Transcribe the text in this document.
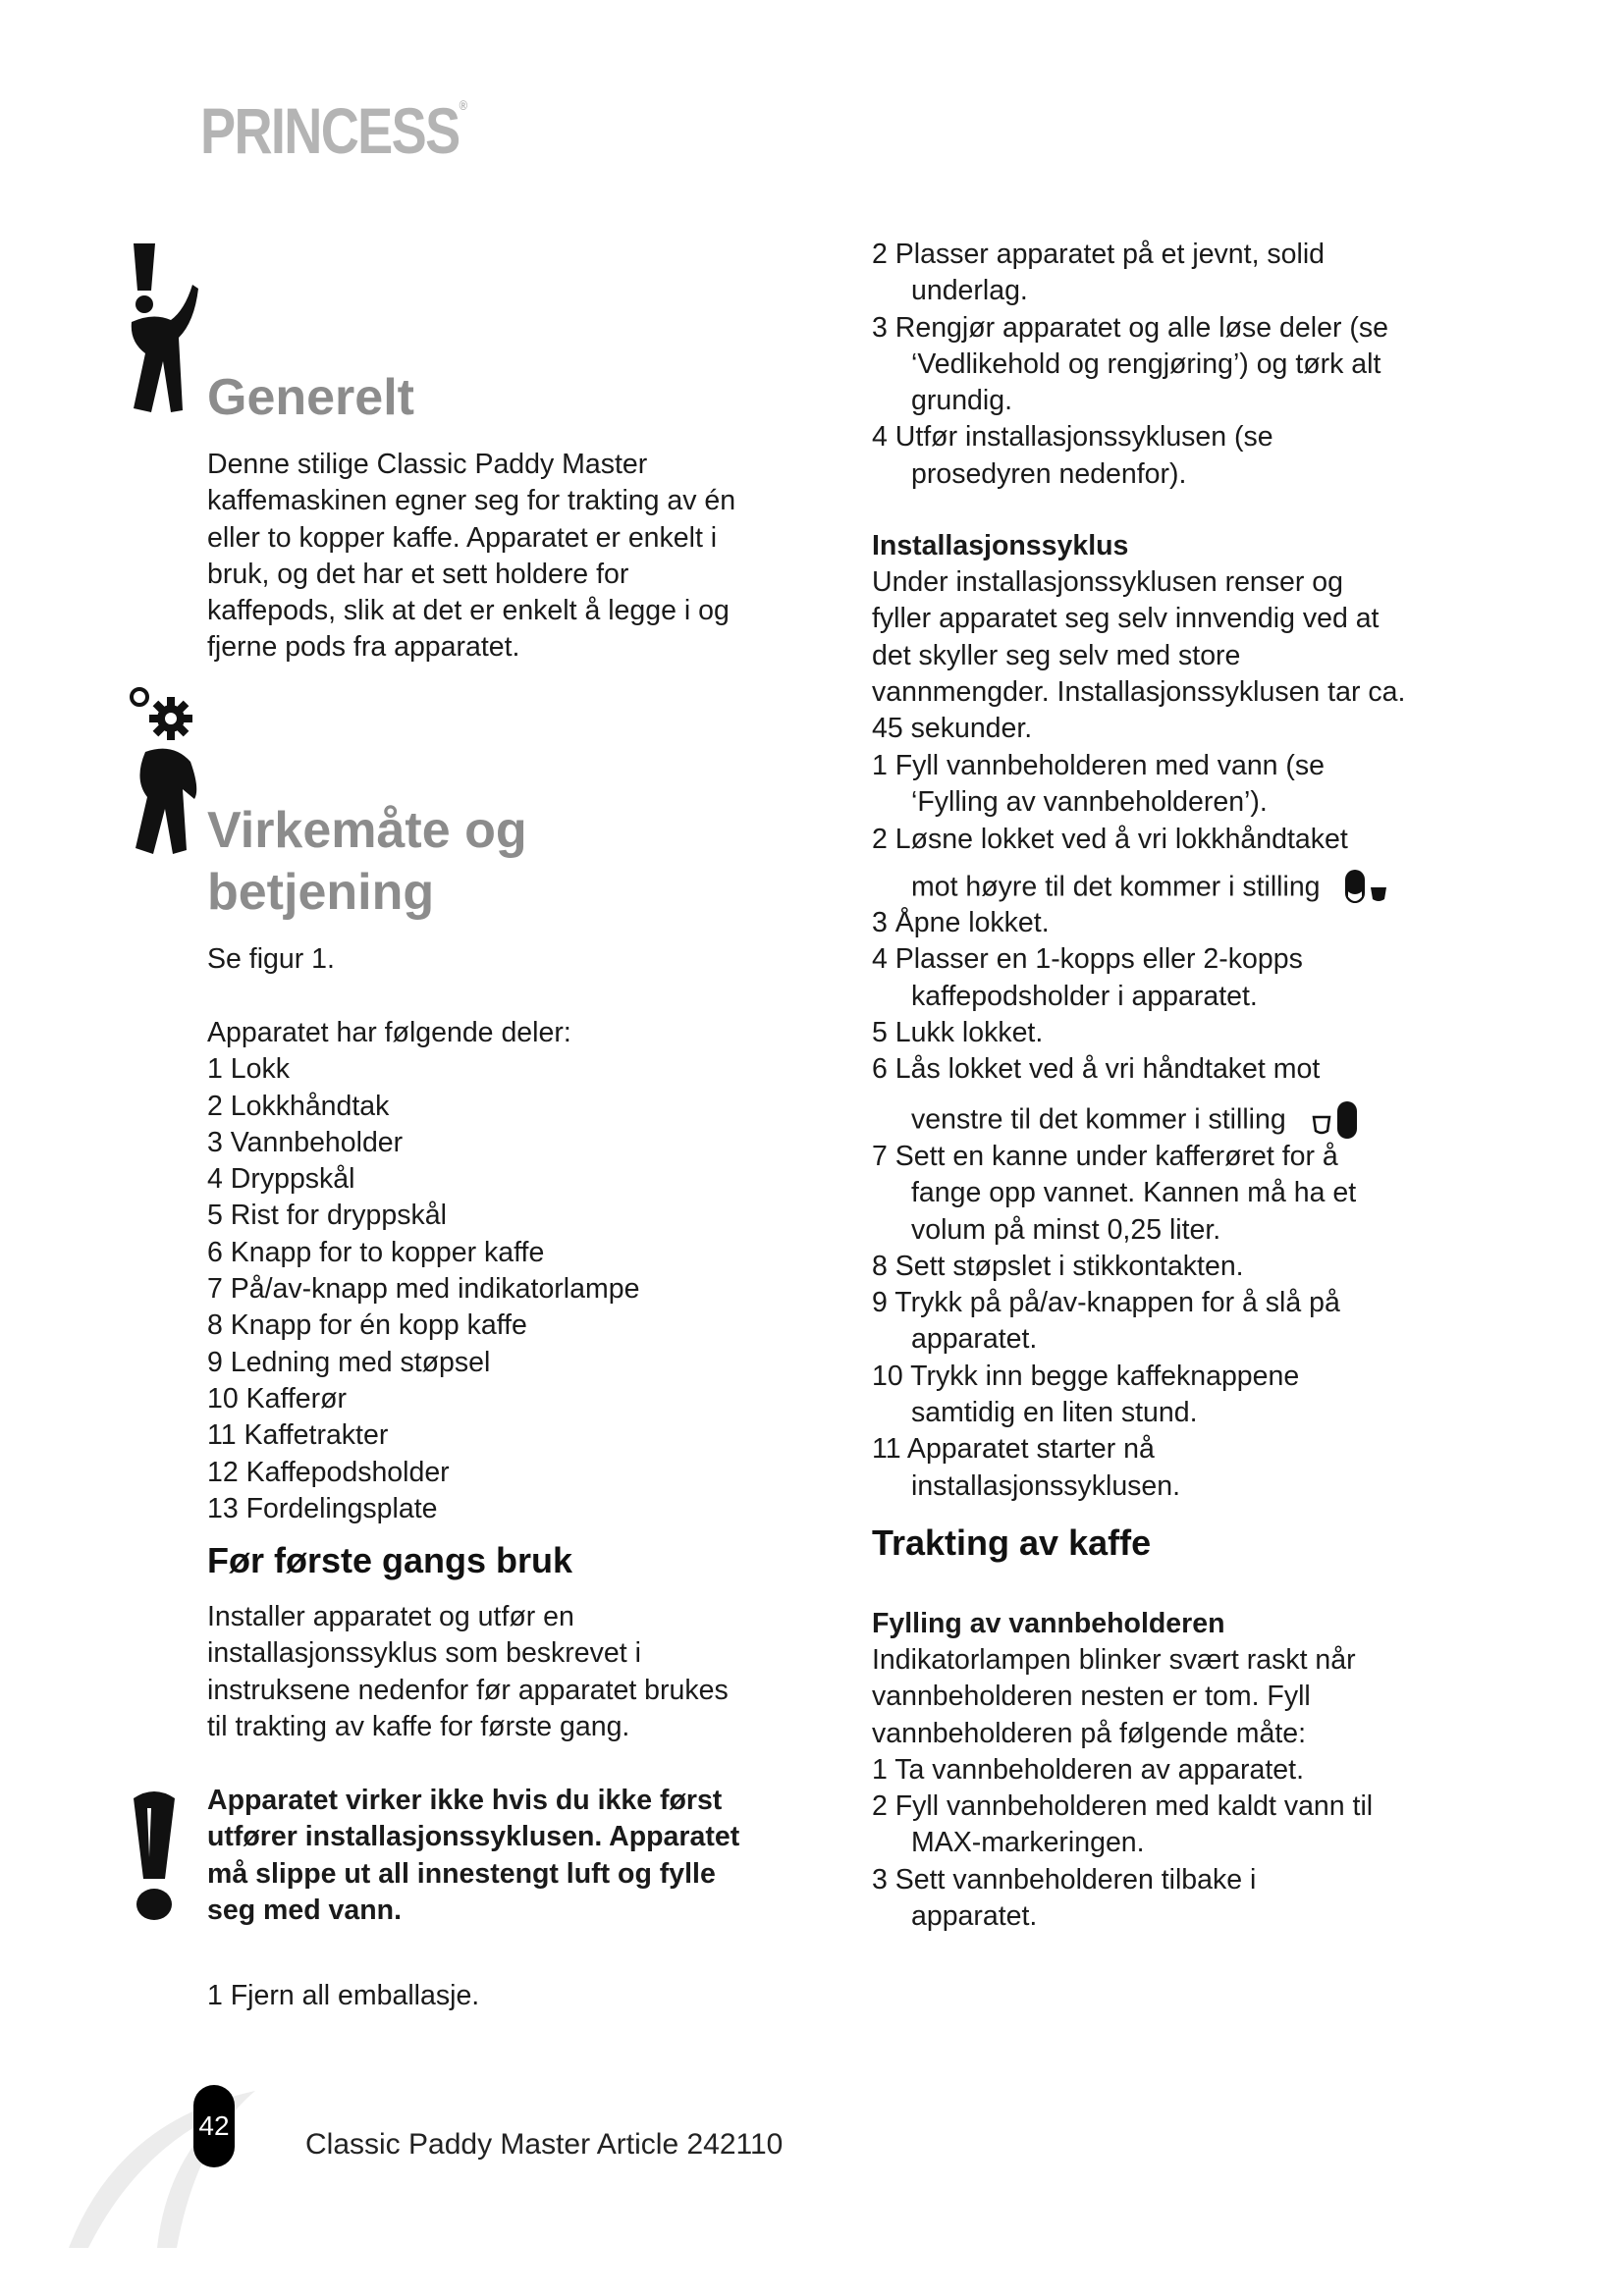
PRINCESS®
Generelt
Denne stilige Classic Paddy Master
kaffemaskinen egner seg for trakting av én
eller to kopper kaffe. Apparatet er enkelt i
bruk, og det har et sett holdere for
kaffepods, slik at det er enkelt å legge i og
fjerne pods fra apparatet.
Virkemåte og
betjening
Se figur 1.
Apparatet har følgende deler:
1 Lokk
2 Lokkhåndtak
3 Vannbeholder
4 Dryppskål
5 Rist for dryppskål
6 Knapp for to kopper kaffe
7 På/av-knapp med indikatorlampe
8 Knapp for én kopp kaffe
9 Ledning med støpsel
10 Kafferør
11 Kaffetrakter
12 Kaffepodsholder
13 Fordelingsplate
Før første gangs bruk
Installer apparatet og utfør en
installasjonssyklus som beskrevet i
instruksene nedenfor før apparatet brukes
til trakting av kaffe for første gang.
Apparatet virker ikke hvis du ikke først
utfører installasjonssyklusen. Apparatet
må slippe ut all innestengt luft og fylle
seg med vann.
1 Fjern all emballasje.
2 Plasser apparatet på et jevnt, solid
underlag.
3 Rengjør apparatet og alle løse deler (se
‘Vedlikehold og rengjøring’) og tørk alt
grundig.
4 Utfør installasjonssyklusen (se
prosedyren nedenfor).
Installasjonssyklus
Under installasjonssyklusen renser og
fyller apparatet seg selv innvendig ved at
det skyller seg selv med store
vannmengder. Installasjonssyklusen tar ca.
45 sekunder.
1 Fyll vannbeholderen med vann (se
‘Fylling av vannbeholderen’).
2 Løsne lokket ved å vri lokkhåndtaket
mot høyre til det kommer i stilling
3 Åpne lokket.
4 Plasser en 1-kopps eller 2-kopps
kaffepodsholder i apparatet.
5 Lukk lokket.
6 Lås lokket ved å vri håndtaket mot
venstre til det kommer i stilling
7 Sett en kanne under kafferøret for å
fange opp vannet. Kannen må ha et
volum på minst 0,25 liter.
8 Sett støpslet i stikkontakten.
9 Trykk på på/av-knappen for å slå på
apparatet.
10 Trykk inn begge kaffeknappene
samtidig en liten stund.
11 Apparatet starter nå
installasjonssyklusen.
Trakting av kaffe
Fylling av vannbeholderen
Indikatorlampen blinker svært raskt når
vannbeholderen nesten er tom. Fyll
vannbeholderen på følgende måte:
1 Ta vannbeholderen av apparatet.
2 Fyll vannbeholderen med kaldt vann til
MAX-markeringen.
3 Sett vannbeholderen tilbake i
apparatet.
42
Classic Paddy Master Article 242110
